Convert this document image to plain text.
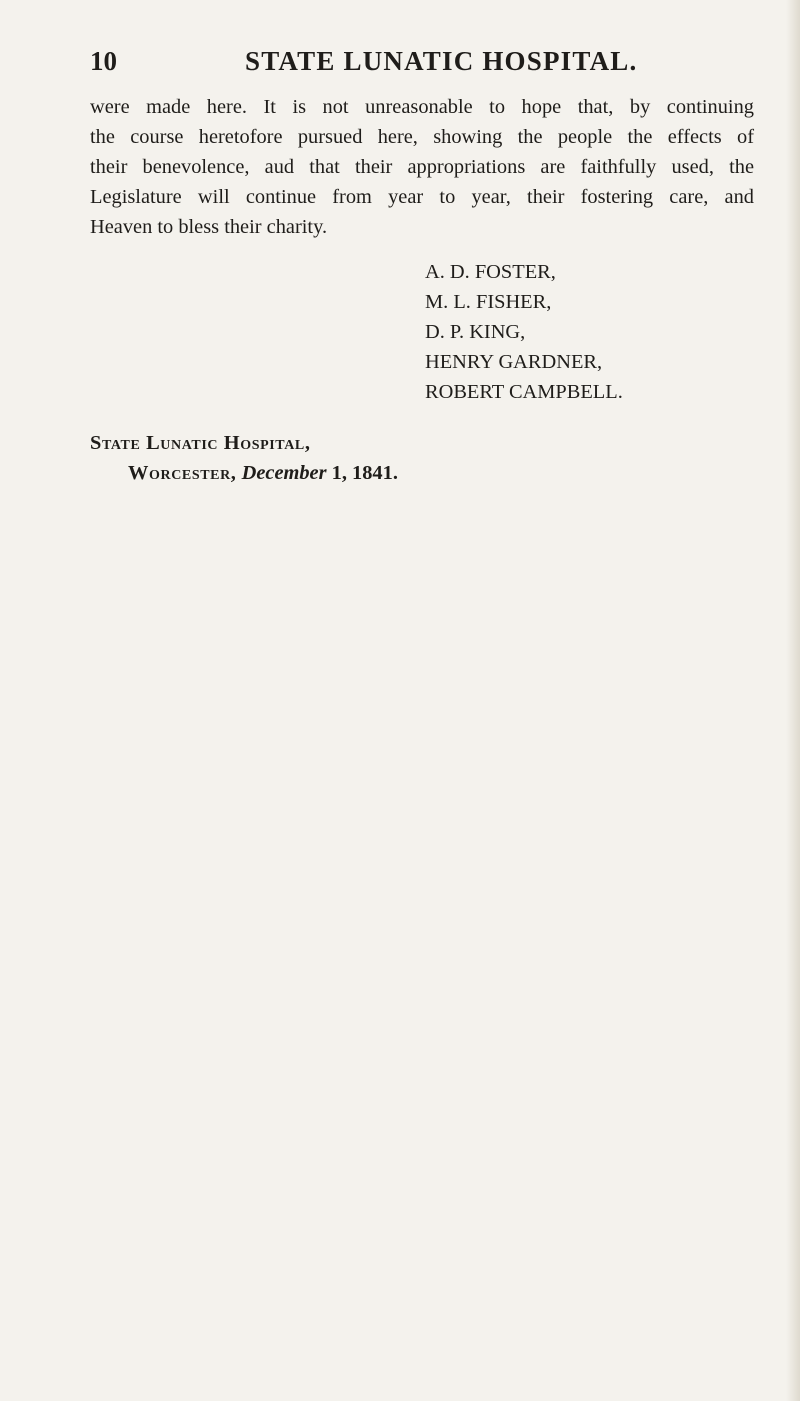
10	STATE LUNATIC HOSPITAL.
were made here. It is not unreasonable to hope that, by continuing
the course heretofore pursued here, showing the people the effects of
their benevolence, aud that their appropriations are faithfully used, the
Legislature will continue from year to year, their fostering care, and
Heaven to bless their charity.
A. D. FOSTER,
M. L. FISHER,
D. P. KING,
HENRY GARDNER,
ROBERT CAMPBELL.
State Lunatic Hospital,
Worcester, December 1, 1841.
